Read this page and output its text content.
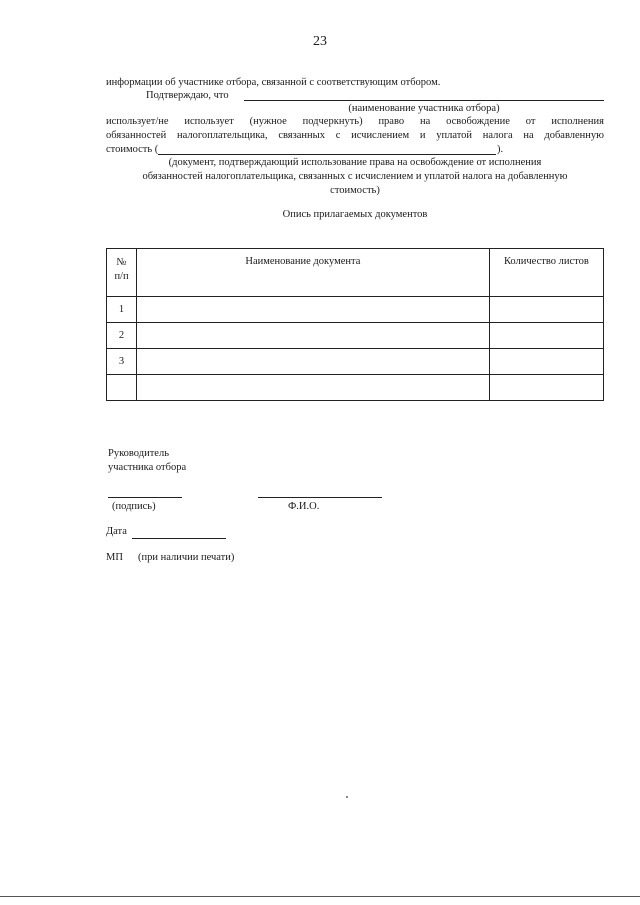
23
информации об участнике отбора, связанной с соответствующим отбором.
Подтверждаю, что
(наименование участника отбора)
использует/не использует (нужное подчеркнуть) право на освобождение от исполнения
обязанностей налогоплательщика, связанных с исчислением и уплатой налога на добавленную
стоимость (	).
(документ, подтверждающий использование права на освобождение от исполнения
обязанностей налогоплательщика, связанных с исчислением и уплатой налога на добавленную
стоимость)
Опись прилагаемых документов
№
п/п	Наименование документа	Количество листов
1		
2		
3		

Руководитель
участника отбора
(подпись)	Ф.И.О.
Дата
МП (при наличии печати)
